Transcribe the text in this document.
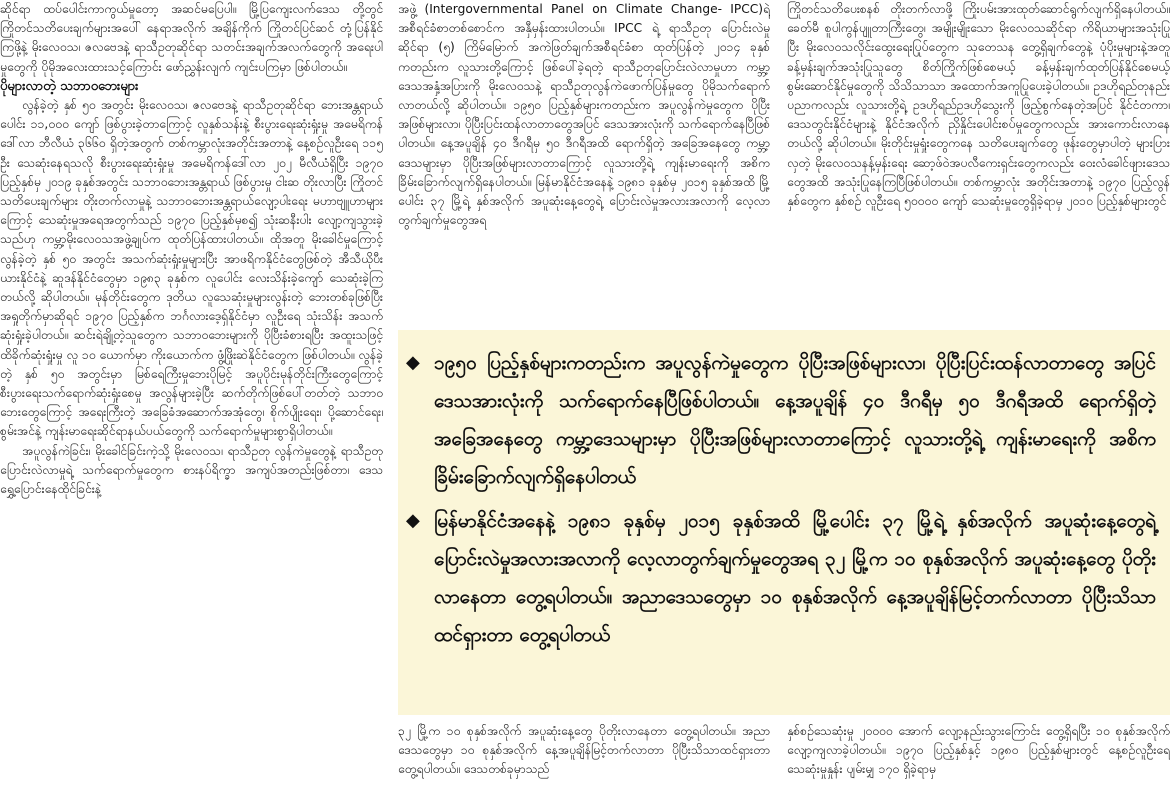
ဆိုင်ရာ ထပ်ပေါင်းကာကွယ်မှုတော့ အဆင်မပြေပါ။ မြို့ပြကျေးလက်ဒေသ တို့တွင် ကြိုတင်သတိပေးချက်များအပေါ် နေရာအလိုက် အချိန်ကိုက် ကြိုတင်ပြင်ဆင် တုံ့ပြန်နိုင်ကြဖို့နဲ့ မိုးလေဝသ၊ ဇလဗေဒနဲ့ ရာသီဥတုဆိုင်ရာ သတင်းအချက်အလက်တွေကို အရေးပါမှုတွေကို ပိုမိုအလေးထားသင့်ကြောင်း ဖော်ညွှန်းလျက် ကျင်းပကြမှာ ဖြစ်ပါတယ်။

ပိုများလာတဲ့ သဘာဝဘေးများ

လွန်ခဲ့တဲ့ နှစ် ၅၀ အတွင်း မိုးလေဝသ၊ ဇလဗေဒနဲ့ ရာသီဥတုဆိုင်ရာ ဘေးအန္တရာယ်ပေါင်း ၁၁,၀၀၀ ကျော် ဖြစ်ပွားခဲ့တာကြောင့် လူနှစ်သန်းနဲ့ စီးပွားရေးဆုံးရှုံးမှု အမေရိကန်ဒေါ်လာ ဘီလီယံ ၃၆၆၀ ရှိတဲ့အတွက် တစ်ကမ္ဘာလုံးအတိုင်းအတာနဲ့ နေ့စဉ်လူဦးရေ ၁၁၅ ဦး သေဆုံးနေရသလို စီးပွားရေးဆုံးရှုံးမှု အမေရိကန်ဒေါ်လာ ၂၀၂ မီလီယံရှိပြီး ၁၉၇၀ ပြည့်နှစ်မှ ၂၀၁၉ ခုနှစ်အတွင်း သဘာဝဘေးအန္တရာယ် ဖြစ်ပွားမှု ငါးဆ တိုးလာပြီး ကြိုတင်သတိပေးချက်များ တိုးတက်လာမှုနဲ့ သဘာဝဘေးအန္တရာယ်လျော့ပါးရေး မဟာဗျူဟာများကြောင့် သေဆုံးမှုအရေအတွက်သည် ၁၉၇၀ ပြည့်နှစ်မှစ၍ သုံးဆနီးပါး လျော့ကျသွားခဲ့သည်ဟု ကမ္ဘာ့မိုးလေဝသအဖွဲ့ချုပ်က ထုတ်ပြန်ထားပါတယ်။ ထိုအတူ မိုးခေါင်မှုကြောင့် လွန်ခဲ့တဲ့ နှစ် ၅၀ အတွင်း အသက်ဆုံးရှုံးမှုများပြီး အာဖရိကနိုင်ငံတွေဖြစ်တဲ့ အီသီယိုပီးယားနိုင်ငံနဲ့ ဆူဒန်နိုင်ငံတွေမှာ ၁၉၈၃ ခုနှစ်က လူပေါင်း လေးသိန်းခဲ့ကျော် သေဆုံးခဲ့ကြတယ်လို့ ဆိုပါတယ်။ မုန်တိုင်းတွေက ဒုတိယ လူသေဆုံးမှုများလွန်းတဲ့ ဘေးတစ်ခုဖြစ်ပြီး အရှုတိုက်မှာဆိုရင် ၁၉၇၀ ပြည့်နှစ်က ဘင်္ဂလားဒေ့ရှ်နိုင်ငံမှာ လူဦးရေ သုံးသိန်း အသက်ဆုံးရှုံးခဲ့ပါတယ်။ ဆင်းရဲချို့တဲ့သူတွေက သဘာဝဘေးများကို ပိုပြီးခံစားရပြီး အထူးသဖြင့် ထိခိုက်ဆုံးရှုံးမှု လူ ၁၀ ယောက်မှာ ကိုးယောက်က ဖွံ့ဖြိုးဆဲနိုင်ငံတွေက ဖြစ်ပါတယ်။ လွန်ခဲ့တဲ့ နှစ် ၅၀ အတွင်းမှာ မြစ်ရေကြီးမှုဘေးပိုမြင့် အပူပိုင်းမုန်တိုင်းကြီးတွေကြောင့် စီးပွားရေးသက်ရောက်ဆုံးရှုံးစေမှု အလွန်များခဲ့ပြီး ဆက်တိုက်ဖြစ်ပေါ်တတ်တဲ့ သဘာဝဘေးတွေကြောင့် အရေးကြီးတဲ့ အခြေခံအဆောက်အအုံတွေ၊ စိုက်ပျိုးရေး၊ ပို့ဆောင်ရေး၊ စွမ်းအင်နဲ့ ကျန်းမာရေးဆိုင်ရာနယ်ပယ်တွေကို သက်ရောက်မှုများစွာရှိပါတယ်။

အပူလွန်ကဲခြင်း၊ မိုးခေါင်ခြင်းကဲ့သို့ မိုးလေဝသ၊ ရာသီဥတု လွန်ကဲမှုတွေနဲ့ ရာသီဥတုပြောင်းလဲလာမှုရဲ့ သက်ရောက်မှုတွေက စားနပ်ရိက္ခာ အကျပ်အတည်းဖြစ်တာ၊ ဒေသရွှေ့ပြောင်းနေထိုင်ခြင်းနဲ့

အဖွဲ့ (Intergovernmental Panel on Climate Change- IPCC)ရဲ့ အစီရင်ခံစာတစ်စောင်က အနှီမှန်းထားပါတယ်။ IPCC ရဲ့ ရာသီဥတု ပြောင်းလဲမှုဆိုင်ရာ (၅) ကြိမ်မြောက် အကဲဖြတ်ချက်အစီရင်ခံစာ ထုတ်ပြန်တဲ့ ၂၀၁၄ ခုနှစ်ကတည်းက လူသားတို့ကြောင့် ဖြစ်ပေါ်ခဲ့ရတဲ့ ရာသီဥတုပြောင်းလဲလာမှုဟာ ကမ္ဘာ့ဒေသအနှံ့အပြားကို မိုးလေဝသနဲ့ ရာသီဥတုလွန်ကဲဖောက်ပြန်မှုတွေ ပိုမိုသက်ရောက်လာတယ်လို့ ဆိုပါတယ်။ ၁၉၅၀ ပြည့်နှစ်များကတည်းက အပူလွန်ကဲမှုတွေက ပိုပြီးအဖြစ်များလာ၊ ပိုပြီးပြင်းထန်လာတာတွေအပြင် ဒေသအားလုံးကို သက်ရောက်နေပြီဖြစ်ပါတယ်။ နေ့အပူချိန် ၄၀ ဒီဂရီမှ ၅၀ ဒီဂရီအထိ ရောက်ရှိတဲ့ အခြေအနေတွေ ကမ္ဘာ့ဒေသများမှာ ပိုပြီးအဖြစ်များလာတာကြောင့် လူသားတို့ရဲ့ ကျန်းမာရေးကို အစိကခြိမ်းခြောက်လျက်ရှိနေပါတယ်။ မြန်မာနိုင်ငံအနေနဲ့ ၁၉၈၁ ခုနှစ်မှ ၂၀၁၅ ခုနှစ်အထိ မြို့ပေါင်း ၃၇ မြို့ရဲ့ နှစ်အလိုက် အပူဆုံးနေ့တွေရဲ့ ပြောင်းလဲမှုအလားအလာကို လေ့လာတွက်ချက်မှုတွေအရ

ကြိုတင်သတိပေးစနစ် တိုးတက်လာဖို့ ကြိုးပမ်းအားထုတ်ဆောင်ရွက်လျက်ရှိနေပါတယ်။ ခေတ်မီ စူပါကွန်ပျူတာကြီးတွေ၊ အမျိုးမျိုးသော မိုးလေဝသဆိုင်ရာ ကိရိယာများအသုံးပြုပြီး မိုးလေဝသလိုင်းထွေးရေးပြုပ်တွေက သုတေသန တွေ့ရှိချက်တွေနဲ့ ပုံပိုးမှုများနဲ့အတူ ခန့်မှန်းချက်အသုံးပြုသူတွေ စိတ်ကြိုက်ဖြစ်စေမယ့် ခန့်မှန်းချက်ထုတ်ပြန်နိုင်စေမယ့် စွမ်းဆောင်နိုင်မှုတွေကို သိသိသာသာ အထောက်အကူပြုပေးခဲ့ပါတယ်။ ဥဒဟိုရည်တုနည်းပညာကလည်း လူသားတို့ရဲ့ ဥဒဟိုရည်ဥဒဟိုသွေးကို ဖြည့်စွက်နေတဲ့အပြင် နိုင်ငံတကာ၊ ဒေသတွင်းနိုင်ငံများနဲ့ နိုင်ငံအလိုက် ညှိနှိုင်းပေါင်းစပ်မှုတွေကလည်း အားကောင်းလာနေတယ်လို့ ဆိုပါတယ်။ မိုးတိုင်းမှုရှုံးတွေကနေ သတိပေးချက်တွေ ဖုန်းတွေမှာပါတဲ့ များပြားလှတဲ့ မိုးလေဝသနန့်မှန်းရေး ဆော့ဖ်ဝဲအပလီကေးရှင်းတွေကလည်း ဝေးလံခေါင်ဖျားဒေသတွေအထိ အသုံးပြုနေကြပြီဖြစ်ပါတယ်။ တစ်ကမ္ဘာလုံး အတိုင်းအတာနဲ့ ၁၉၇၀ ပြည့်လွန်နှစ်တွေက နှစ်စဉ် လူဦးရေ ၅၀၀၀၀ ကျော် သေဆုံးမှုတွေရှိခဲ့ရာမှ ၂၀၁၀ ပြည့်နှစ်များတွင်

◆ ၁၉၅၀ ပြည့်နှစ်များကတည်းက အပူလွန်ကဲမှုတွေက ပိုပြီးအဖြစ်များလာ၊ ပိုပြီးပြင်းထန်လာတာတွေ အပြင် ဒေသအားလုံးကို သက်ရောက်နေပြီဖြစ်ပါတယ်။ နေ့အပူချိန် ၄၀ ဒီဂရီမှ ၅၀ ဒီဂရီအထိ ရောက်ရှိတဲ့ အခြေအနေတွေ ကမ္ဘာ့ဒေသများမှာ ပိုပြီးအဖြစ်များလာတာကြောင့် လူသားတို့ရဲ့ ကျန်းမာရေးကို အစိကခြိမ်းခြောက်လျက်ရှိနေပါတယ်
◆ မြန်မာနိုင်ငံအနေနဲ့ ၁၉၈၁ ခုနှစ်မှ ၂၀၁၅ ခုနှစ်အထိ မြို့ပေါင်း ၃၇ မြို့ရဲ့ နှစ်အလိုက် အပူဆုံးနေ့တွေရဲ့ ပြောင်းလဲမှုအလားအလာကို လေ့လာတွက်ချက်မှုတွေအရ ၃၂ မြို့က ၁၀ စုနှစ်အလိုက် အပူဆုံးနေ့တွေ ပိုတိုးလာနေတာ တွေ့ရပါတယ်။ အညာဒေသတွေမှာ ၁၀ စုနှစ်အလိုက် နေ့အပူချိန်မြင့်တက်လာတာ ပိုပြီးသိသာထင်ရှားတာ တွေ့ရပါတယ်

၃၂ မြို့က ၁၀ စုနှစ်အလိုက် အပူဆုံးနေ့တွေ ပိုတိုးလာနေတာ တွေ့ရပါတယ်။ အညာဒေသတွေမှာ ၁၀ စုနှစ်အလိုက် နေ့အပူချိန်မြင့်တက်လာတာ ပိုပြီးသိသာထင်ရှားတာ တွေ့ရပါတယ်။ ဒေသတစ်ခုမှာသည်

နှစ်စဉ်သေဆုံးမှု ၂၀၀၀၀ အောက် လျော့နည်းသွားကြောင်း တွေ့ရှိရပြီး ၁၀ စုနှစ်အလိုက် လျော့ကျလာခဲ့ပါတယ်။ ၁၉၇၀ ပြည့်နှစ်နှင့် ၁၉၈၀ ပြည့်နှစ်များတွင် နေ့စဉ်လူဦးရေ သေဆုံးမှုနှုန်း ပျမ်းမျှ ၁၇၀ ရှိခဲ့ရာမှ
